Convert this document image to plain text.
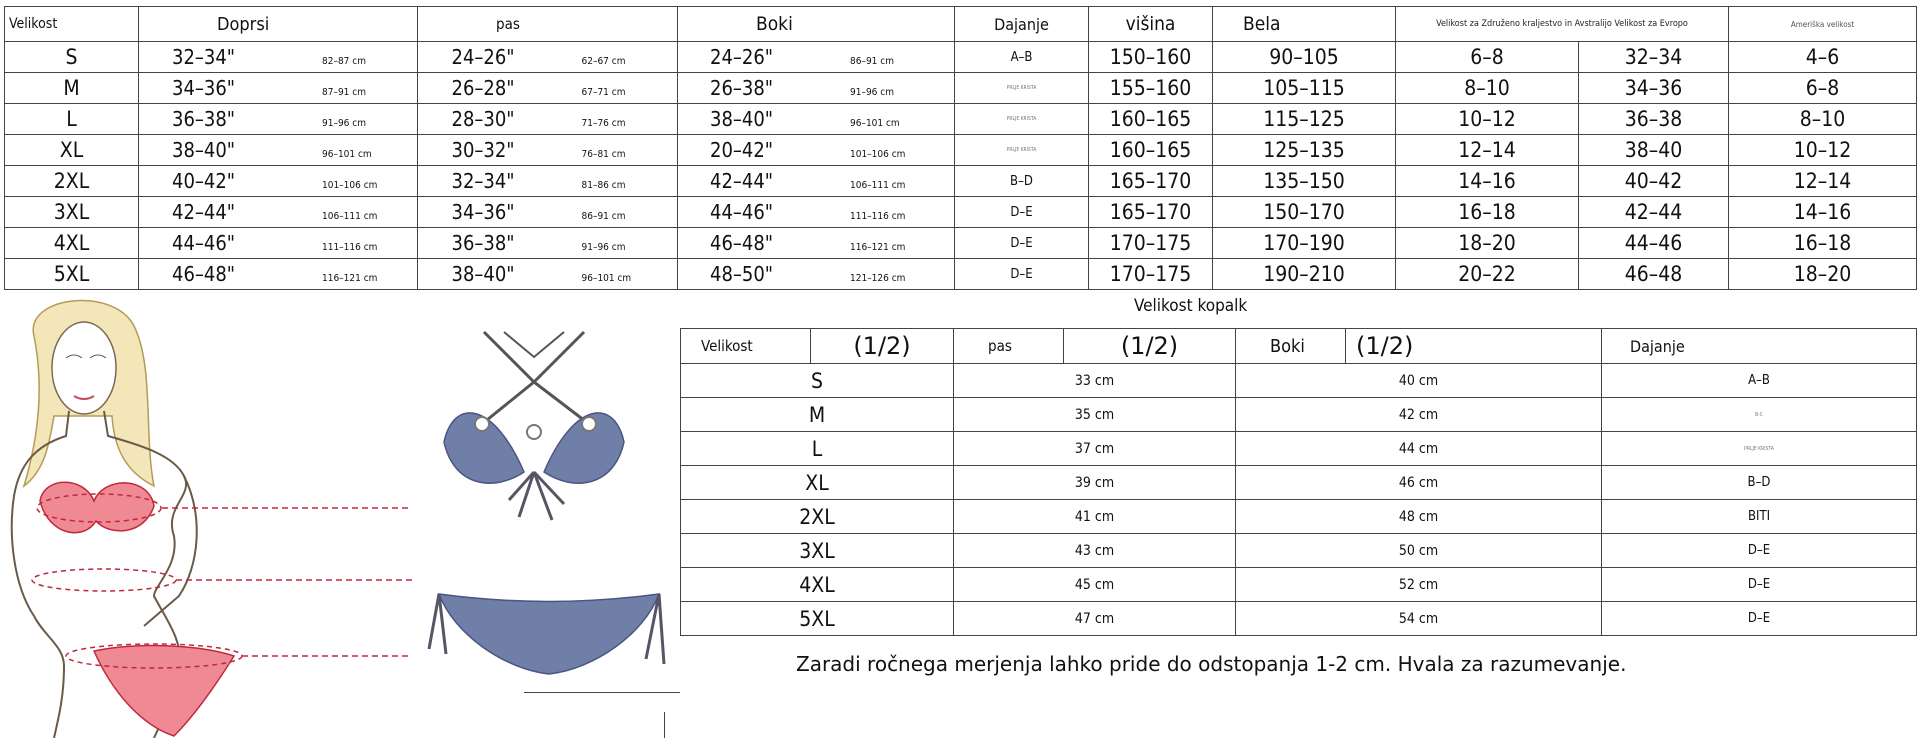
Velikost	Doprsi	pas	Boki	Dajanje	višina	Bela	Velikost za Združeno kraljestvo in Avstralijo Velikost za Evropo		Ameriška velikost
S	32–34" 82–87 cm	24–26" 62–67 cm	24–26" 86–91 cm	A–B	150–160	90–105	6–8	32–34	4–6
M	34–36" 87–91 cm	26–28" 67–71 cm	26–38" 91–96 cm	PRLJE KRISTA	155–160	105–115	8–10	34–36	6–8
L	36–38" 91–96 cm	28–30" 71–76 cm	38–40" 96–101 cm	PRLJE KRISTA	160–165	115–125	10–12	36–38	8–10
XL	38–40" 96–101 cm	30–32" 76–81 cm	20–42" 101–106 cm	PRLJE KRISTA	160–165	125–135	12–14	38–40	10–12
2XL	40–42" 101–106 cm	32–34" 81–86 cm	42–44" 106–111 cm	B–D	165–170	135–150	14–16	40–42	12–14
3XL	42–44" 106–111 cm	34–36" 86–91 cm	44–46" 111–116 cm	D–E	165–170	150–170	16–18	42–44	14–16
4XL	44–46" 111–116 cm	36–38" 91–96 cm	46–48" 116–121 cm	D–E	170–175	170–190	18–20	44–46	16–18
5XL	46–48" 116–121 cm	38–40" 96–101 cm	48–50" 121–126 cm	D–E	170–175	190–210	20–22	46–48	18–20
Velikost kopalk
Velikost	(1/2)	pas	(1/2)	Boki	(1/2)	Dajanje
S		33 cm		40 cm		A–B
M		35 cm		42 cm		B-C
L		37 cm		44 cm		PRLJE KRISTA
XL		39 cm		46 cm		B–D
2XL		41 cm		48 cm		BITI
3XL		43 cm		50 cm		D–E
4XL		45 cm		52 cm		D–E
5XL		47 cm		54 cm		D–E
Zaradi ročnega merjenja lahko pride do odstopanja 1-2 cm. Hvala za razumevanje.
